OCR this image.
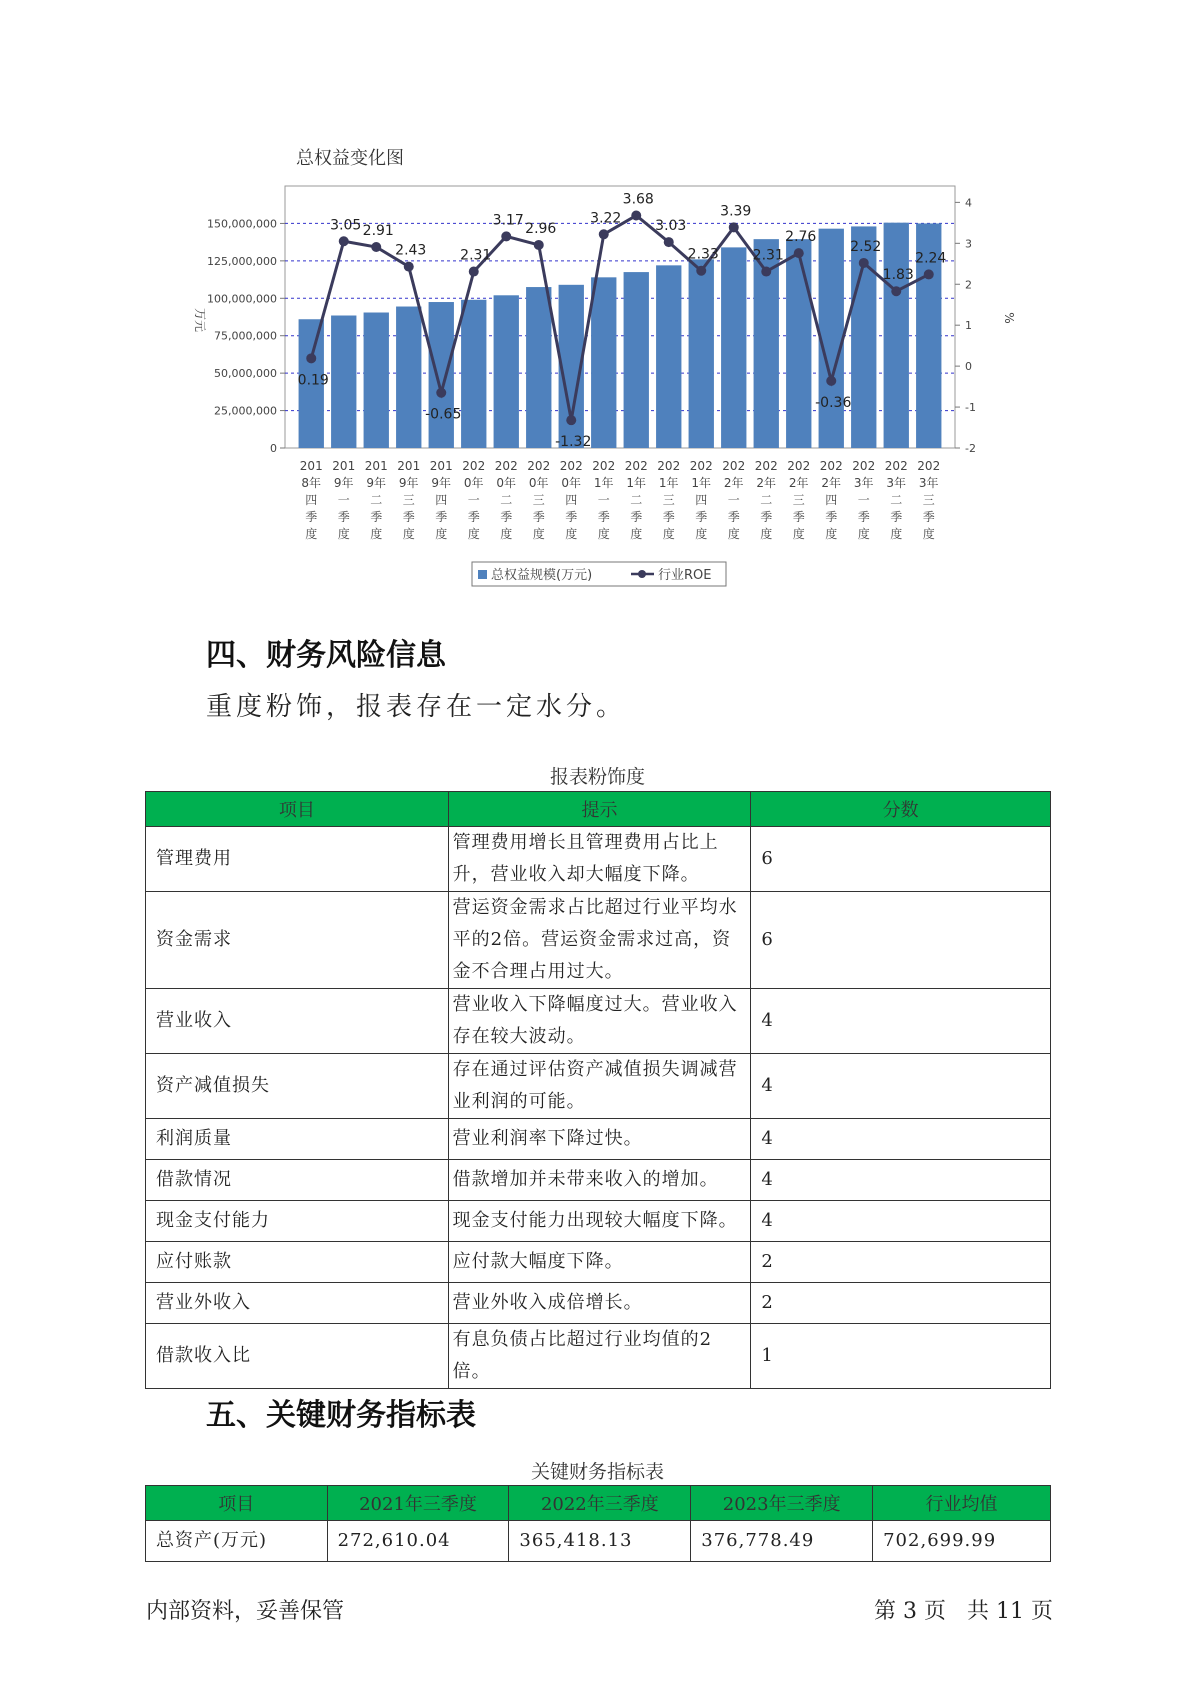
总权益变化图
0
25,000,000
50,000,000
75,000,000
100,000,000
125,000,000
150,000,000
-2
-1
0
1
2
3
4
万元	%
201
8年
四
季
度
201
9年
一
季
度
201
9年
二
季
度
201
9年
三
季
度
201
9年
四
季
度
202
0年
一
季
度
202
0年
二
季
度
202
0年
三
季
度
202
0年
四
季
度
202
1年
一
季
度
202
1年
二
季
度
202
1年
三
季
度
202
1年
四
季
度
202
2年
一
季
度
202
2年
二
季
度
202
2年
三
季
度
202
2年
四
季
度
202
3年
一
季
度
202
3年
二
季
度
202
3年
三
季
度
0.19
3.05 2.91
2.43
-0.65
2.31
3.17
2.96
-1.32
3.22
3.68
3.03
2.33
3.39
2.31
2.76
-0.36
2.52
1.83
2.24
总权益规模(万元)	行业ROE
四、财务风险信息
重度粉饰，报表存在一定水分。
报表粉饰度
项目	提示	分数
管理费用	管理费用增长且管理费用占比上升，营业收入却大幅度下降。	6
资金需求	营运资金需求占比超过行业平均水平的2倍。营运资金需求过高，资金不合理占用过大。	6
营业收入	营业收入下降幅度过大。营业收入存在较大波动。	4
资产减值损失	存在通过评估资产减值损失调减营业利润的可能。	4
利润质量	营业利润率下降过快。	4
借款情况	借款增加并未带来收入的增加。	4
现金支付能力	现金支付能力出现较大幅度下降。	4
应付账款	应付款大幅度下降。	2
营业外收入	营业外收入成倍增长。	2
借款收入比	有息负债占比超过行业均值的2倍。	1
五、关键财务指标表
关键财务指标表
项目	2021年三季度	2022年三季度	2023年三季度	行业均值
总资产(万元)	272,610.04	365,418.13	376,778.49	702,699.99
内部资料，妥善保管	第 3 页   共 11 页
